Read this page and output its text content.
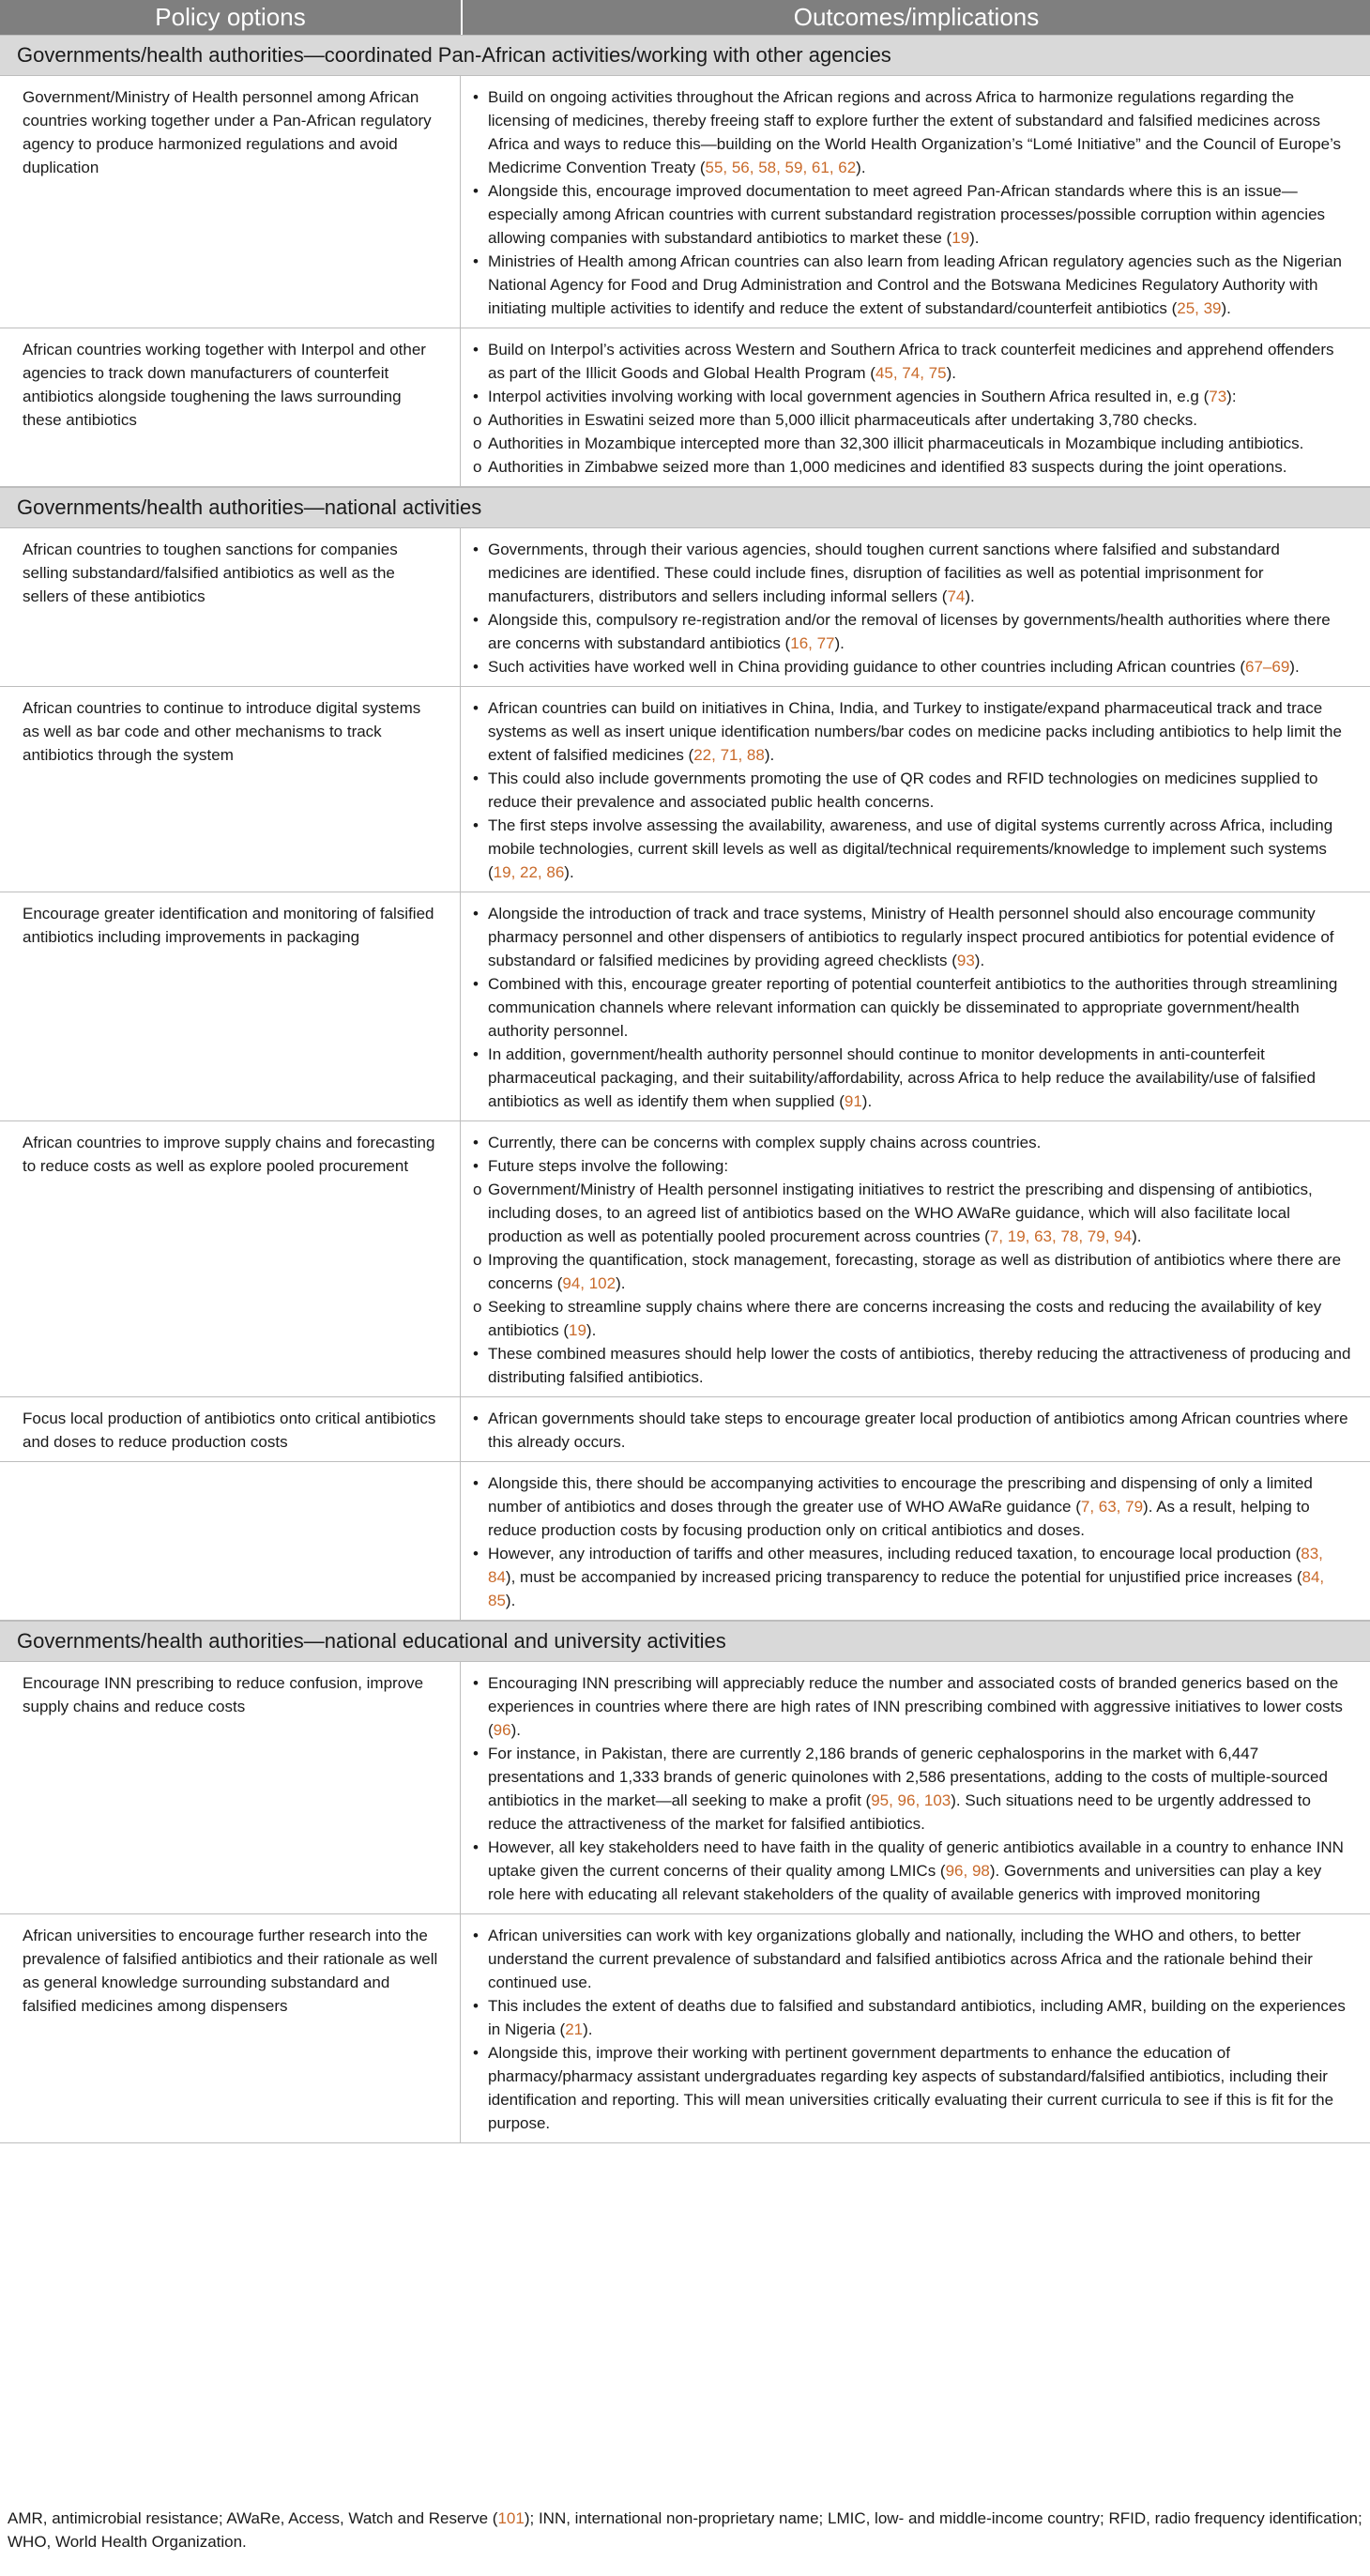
Policy options	Outcomes/implications
Governments/health authorities—coordinated Pan-African activities/working with other agencies
Government/Ministry of Health personnel among African countries working together under a Pan-African regulatory agency to produce harmonized regulations and avoid duplication
• Build on ongoing activities throughout the African regions and across Africa to harmonize regulations regarding the licensing of medicines, thereby freeing staff to explore further the extent of substandard and falsified medicines across Africa and ways to reduce this—building on the World Health Organization’s “Lomé Initiative” and the Council of Europe’s Medicrime Convention Treaty (55, 56, 58, 59, 61, 62).
• Alongside this, encourage improved documentation to meet agreed Pan-African standards where this is an issue—especially among African countries with current substandard registration processes/possible corruption within agencies allowing companies with substandard antibiotics to market these (19).
• Ministries of Health among African countries can also learn from leading African regulatory agencies such as the Nigerian National Agency for Food and Drug Administration and Control and the Botswana Medicines Regulatory Authority with initiating multiple activities to identify and reduce the extent of substandard/counterfeit antibiotics (25, 39).
African countries working together with Interpol and other agencies to track down manufacturers of counterfeit antibiotics alongside toughening the laws surrounding these antibiotics
• Build on Interpol’s activities across Western and Southern Africa to track counterfeit medicines and apprehend offenders as part of the Illicit Goods and Global Health Program (45, 74, 75).
• Interpol activities involving working with local government agencies in Southern Africa resulted in, e.g (73):
o Authorities in Eswatini seized more than 5,000 illicit pharmaceuticals after undertaking 3,780 checks.
o Authorities in Mozambique intercepted more than 32,300 illicit pharmaceuticals in Mozambique including antibiotics.
o Authorities in Zimbabwe seized more than 1,000 medicines and identified 83 suspects during the joint operations.
Governments/health authorities—national activities
African countries to toughen sanctions for companies selling substandard/falsified antibiotics as well as the sellers of these antibiotics
• Governments, through their various agencies, should toughen current sanctions where falsified and substandard medicines are identified. These could include fines, disruption of facilities as well as potential imprisonment for manufacturers, distributors and sellers including informal sellers (74).
• Alongside this, compulsory re-registration and/or the removal of licenses by governments/health authorities where there are concerns with substandard antibiotics (16, 77).
• Such activities have worked well in China providing guidance to other countries including African countries (67–69).
African countries to continue to introduce digital systems as well as bar code and other mechanisms to track antibiotics through the system
• African countries can build on initiatives in China, India, and Turkey to instigate/expand pharmaceutical track and trace systems as well as insert unique identification numbers/bar codes on medicine packs including antibiotics to help limit the extent of falsified medicines (22, 71, 88).
• This could also include governments promoting the use of QR codes and RFID technologies on medicines supplied to reduce their prevalence and associated public health concerns.
• The first steps involve assessing the availability, awareness, and use of digital systems currently across Africa, including mobile technologies, current skill levels as well as digital/technical requirements/knowledge to implement such systems (19, 22, 86).
Encourage greater identification and monitoring of falsified antibiotics including improvements in packaging
• Alongside the introduction of track and trace systems, Ministry of Health personnel should also encourage community pharmacy personnel and other dispensers of antibiotics to regularly inspect procured antibiotics for potential evidence of substandard or falsified medicines by providing agreed checklists (93).
• Combined with this, encourage greater reporting of potential counterfeit antibiotics to the authorities through streamlining communication channels where relevant information can quickly be disseminated to appropriate government/health authority personnel.
• In addition, government/health authority personnel should continue to monitor developments in anti-counterfeit pharmaceutical packaging, and their suitability/affordability, across Africa to help reduce the availability/use of falsified antibiotics as well as identify them when supplied (91).
African countries to improve supply chains and forecasting to reduce costs as well as explore pooled procurement
• Currently, there can be concerns with complex supply chains across countries.
• Future steps involve the following:
o Government/Ministry of Health personnel instigating initiatives to restrict the prescribing and dispensing of antibiotics, including doses, to an agreed list of antibiotics based on the WHO AWaRe guidance, which will also facilitate local production as well as potentially pooled procurement across countries (7, 19, 63, 78, 79, 94).
o Improving the quantification, stock management, forecasting, storage as well as distribution of antibiotics where there are concerns (94, 102).
o Seeking to streamline supply chains where there are concerns increasing the costs and reducing the availability of key antibiotics (19).
• These combined measures should help lower the costs of antibiotics, thereby reducing the attractiveness of producing and distributing falsified antibiotics.
Focus local production of antibiotics onto critical antibiotics and doses to reduce production costs
• African governments should take steps to encourage greater local production of antibiotics among African countries where this already occurs.
• Alongside this, there should be accompanying activities to encourage the prescribing and dispensing of only a limited number of antibiotics and doses through the greater use of WHO AWaRe guidance (7, 63, 79). As a result, helping to reduce production costs by focusing production only on critical antibiotics and doses.
• However, any introduction of tariffs and other measures, including reduced taxation, to encourage local production (83, 84), must be accompanied by increased pricing transparency to reduce the potential for unjustified price increases (84, 85).
Governments/health authorities—national educational and university activities
Encourage INN prescribing to reduce confusion, improve supply chains and reduce costs
• Encouraging INN prescribing will appreciably reduce the number and associated costs of branded generics based on the experiences in countries where there are high rates of INN prescribing combined with aggressive initiatives to lower costs (96).
• For instance, in Pakistan, there are currently 2,186 brands of generic cephalosporins in the market with 6,447 presentations and 1,333 brands of generic quinolones with 2,586 presentations, adding to the costs of multiple-sourced antibiotics in the market—all seeking to make a profit (95, 96, 103). Such situations need to be urgently addressed to reduce the attractiveness of the market for falsified antibiotics.
• However, all key stakeholders need to have faith in the quality of generic antibiotics available in a country to enhance INN uptake given the current concerns of their quality among LMICs (96, 98). Governments and universities can play a key role here with educating all relevant stakeholders of the quality of available generics with improved monitoring
African universities to encourage further research into the prevalence of falsified antibiotics and their rationale as well as general knowledge surrounding substandard and falsified medicines among dispensers
• African universities can work with key organizations globally and nationally, including the WHO and others, to better understand the current prevalence of substandard and falsified antibiotics across Africa and the rationale behind their continued use.
• This includes the extent of deaths due to falsified and substandard antibiotics, including AMR, building on the experiences in Nigeria (21).
• Alongside this, improve their working with pertinent government departments to enhance the education of pharmacy/pharmacy assistant undergraduates regarding key aspects of substandard/falsified antibiotics, including their identification and reporting. This will mean universities critically evaluating their current curricula to see if this is fit for the purpose.
AMR, antimicrobial resistance; AWaRe, Access, Watch and Reserve (101); INN, international non-proprietary name; LMIC, low- and middle-income country; RFID, radio frequency identification; WHO, World Health Organization.
